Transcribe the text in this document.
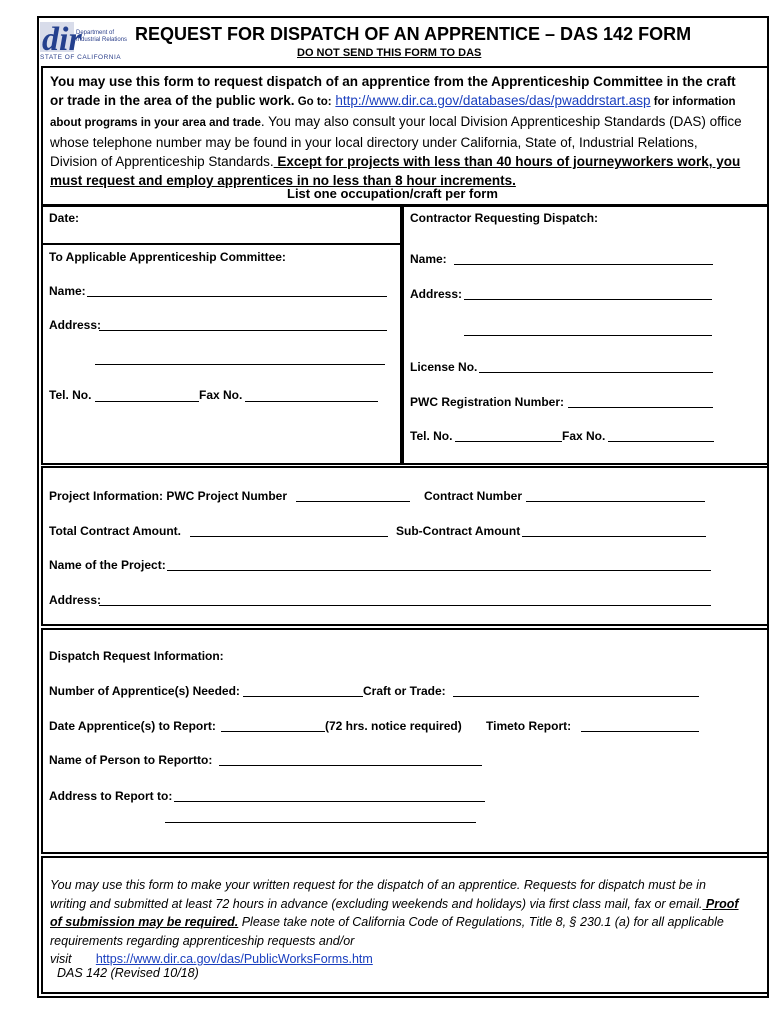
dir
Department of
Industrial Relations
STATE OF CALIFORNIA
REQUEST FOR DISPATCH OF AN APPRENTICE – DAS 142 FORM
DO NOT SEND THIS FORM TO DAS
You may use this form to request dispatch of an apprentice from the Apprenticeship Committee in the craft or trade in the area of the public work. Go to: http://www.dir.ca.gov/databases/das/pwaddrstart.asp for information about programs in your area and trade. You may also consult your local Division Apprenticeship Standards (DAS) office whose telephone number may be found in your local directory under California, State of, Industrial Relations, Division of Apprenticeship Standards. Except for projects with less than 40 hours of journeyworkers work, you must request and employ apprentices in no less than 8 hour increments.
List one occupation/craft per form
Date:
To Applicable Apprenticeship Committee:
Name:
Address:
Tel. No.	Fax No.
Contractor Requesting Dispatch:
Name:
Address:
License No.
PWC Registration Number:
Tel. No.	Fax No.
Project Information: PWC Project Number	Contract Number
Total Contract Amount.	Sub-Contract Amount
Name of the Project:
Address:
Dispatch Request Information:
Number of Apprentice(s) Needed:	Craft or Trade:
Date Apprentice(s) to Report:	(72 hrs. notice required) Timeto Report:
Name of Person to Reportto:
Address to Report to:
You may use this form to make your written request for the dispatch of an apprentice. Requests for dispatch must be in writing and submitted at least 72 hours in advance (excluding weekends and holidays) via first class mail, fax or email. Proof of submission may be required. Please take note of California Code of Regulations, Title 8, § 230.1 (a) for all applicable requirements regarding apprenticeship requests and/or
visit https://www.dir.ca.gov/das/PublicWorksForms.htm
DAS 142 (Revised 10/18)
